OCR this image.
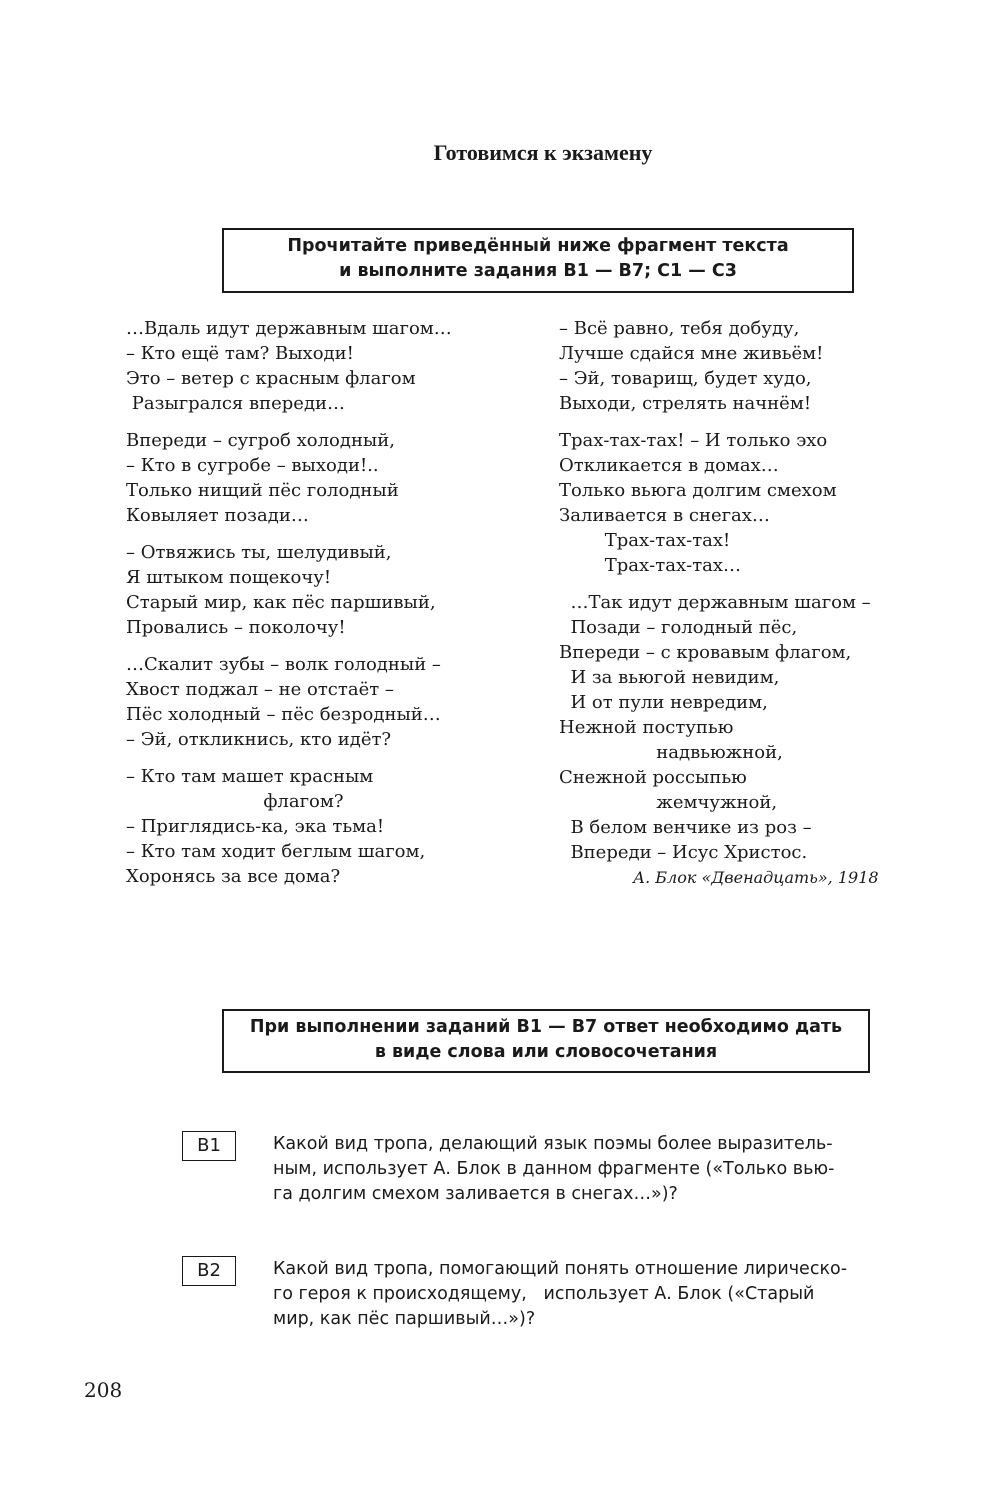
Готовимся к экзамену
Прочитайте приведённый ниже фрагмент текста
и выполните задания В1 — В7; С1 — С3
…Вдаль идут державным шагом…
– Кто ещё там? Выходи!
Это – ветер с красным флагом
Разыгрался впереди…
Впереди – сугроб холодный,
– Кто в сугробе – выходи!..
Только нищий пёс голодный
Ковыляет позади…
– Отвяжись ты, шелудивый,
Я штыком пощекочу!
Старый мир, как пёс паршивый,
Провались – поколочу!
…Скалит зубы – волк голодный –
Хвост поджал – не отстаёт –
Пёс холодный – пёс безродный…
– Эй, откликнись, кто идёт?
– Кто там машет красным
флагом?
– Приглядись-ка, эка тьма!
– Кто там ходит беглым шагом,
Хоронясь за все дома?
– Всё равно, тебя добуду,
Лучше сдайся мне живьём!
– Эй, товарищ, будет худо,
Выходи, стрелять начнём!
Трах-тах-тах! – И только эхо
Откликается в домах…
Только вьюга долгим смехом
Заливается в снегах…
Трах-тах-тах!
Трах-тах-тах…
…Так идут державным шагом –
Позади – голодный пёс,
Впереди – с кровавым флагом,
И за вьюгой невидим,
И от пули невредим,
Нежной поступью
надвьюжной,
Снежной россыпью
жемчужной,
В белом венчике из роз –
Впереди – Исус Христос.
А. Блок «Двенадцать», 1918
При выполнении заданий В1 — В7 ответ необходимо дать
в виде слова или словосочетания
В1	Какой вид тропа, делающий язык поэмы более выразитель-
ным, использует А. Блок в данном фрагменте («Только вью-
га долгим смехом заливается в снегах…»)?
В2	Какой вид тропа, помогающий понять отношение лирическо-
го героя к происходящему,   использует А. Блок («Старый
мир, как пёс паршивый…»)?
208
